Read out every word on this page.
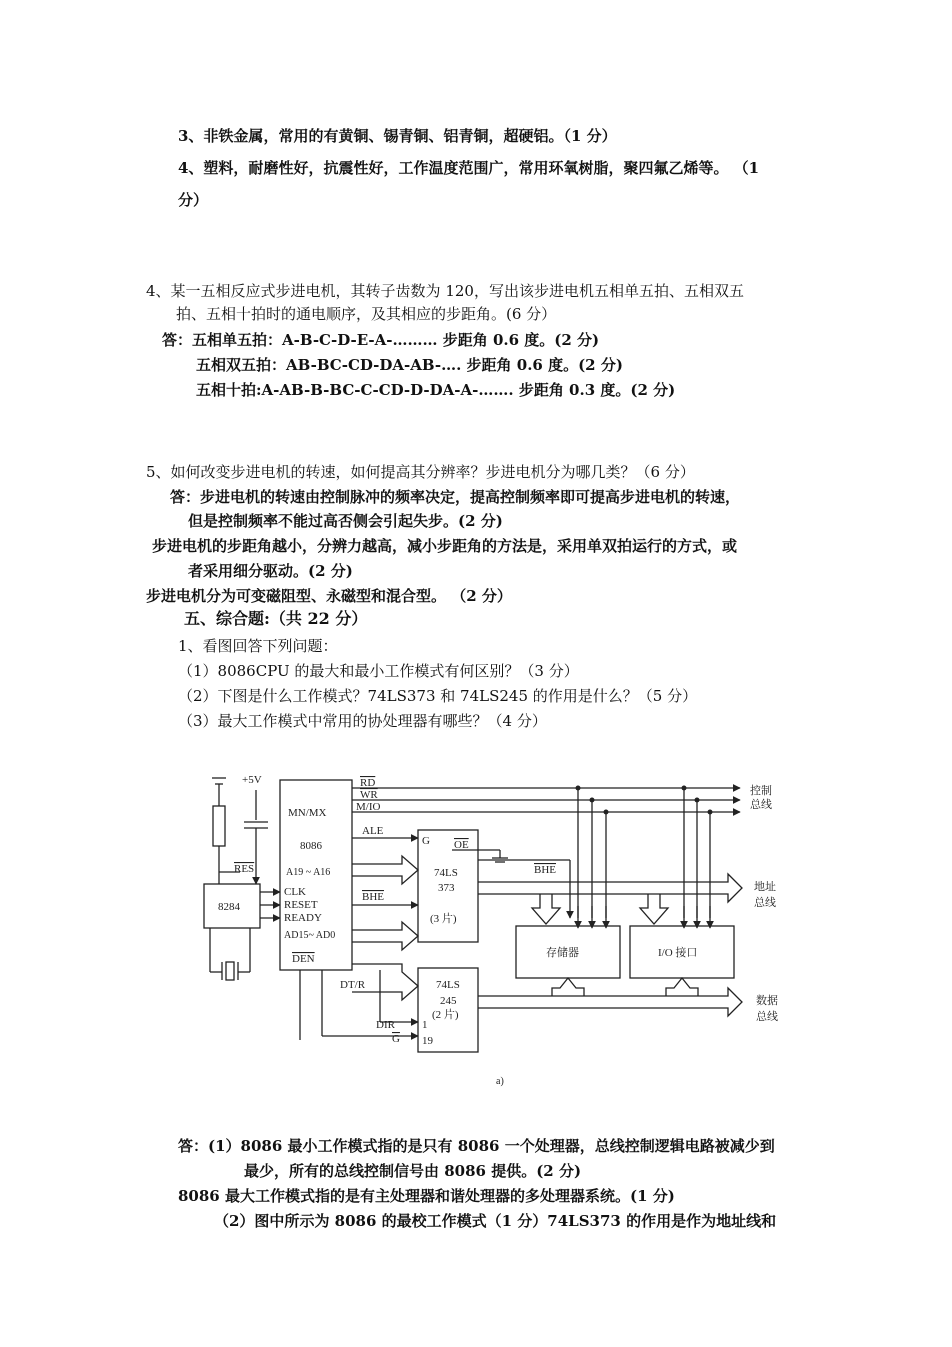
3、非铁金属，常用的有黄铜、锡青铜、铝青铜，超硬铝。（1 分）
4、塑料，耐磨性好，抗震性好，工作温度范围广，常用环氧树脂，聚四氟乙烯等。 （1
分）
4、某一五相反应式步进电机，其转子齿数为 120，写出该步进电机五相单五拍、五相双五
拍、五相十拍时的通电顺序，及其相应的步距角。(6 分）
答：五相单五拍：A-B-C-D-E-A-……… 步距角 0.6 度。(2 分)
五相双五拍：AB-BC-CD-DA-AB-…. 步距角 0.6 度。(2 分)
五相十拍:A-AB-B-BC-C-CD-D-DA-A-……. 步距角 0.3 度。(2 分)
5、如何改变步进电机的转速，如何提高其分辨率？步进电机分为哪几类？（6 分）
答：步进电机的转速由控制脉冲的频率决定，提高控制频率即可提高步进电机的转速，
但是控制频率不能过高否侧会引起失步。(2 分)
步进电机的步距角越小，分辨力越高，减小步距角的方法是，采用单双拍运行的方式，或
者采用细分驱动。(2 分)
步进电机分为可变磁阻型、永磁型和混合型。 （2 分）
五、综合题:（共 22 分）
1、看图回答下列问题：
（1）8086CPU 的最大和最小工作模式有何区别？（3 分）
（2）下图是什么工作模式？74LS373 和 74LS245 的作用是什么？（5 分）
（3）最大工作模式中常用的协处理器有哪些？（4 分）
+5V
RES
8284
MN/MX
8086
A19 ~ A16
CLK
RESET
READY
AD15~ AD0
DEN
RD
WR
M/IO
ALE
BHE
G OE
74LS
373
(3 片)
BHE
DT/R	74LS
245
(2 片)
DIR
G
1
19
存储器	I/O 接口
控制
总线
地址
总线
数据
总线
a)
答：(1）8086 最小工作模式指的是只有 8086 一个处理器，总线控制逻辑电路被减少到
最少，所有的总线控制信号由 8086 提供。(2 分)
8086 最大工作模式指的是有主处理器和谐处理器的多处理器系统。(1 分)
（2）图中所示为 8086 的最校工作模式（1 分）74LS373 的作用是作为地址线和
